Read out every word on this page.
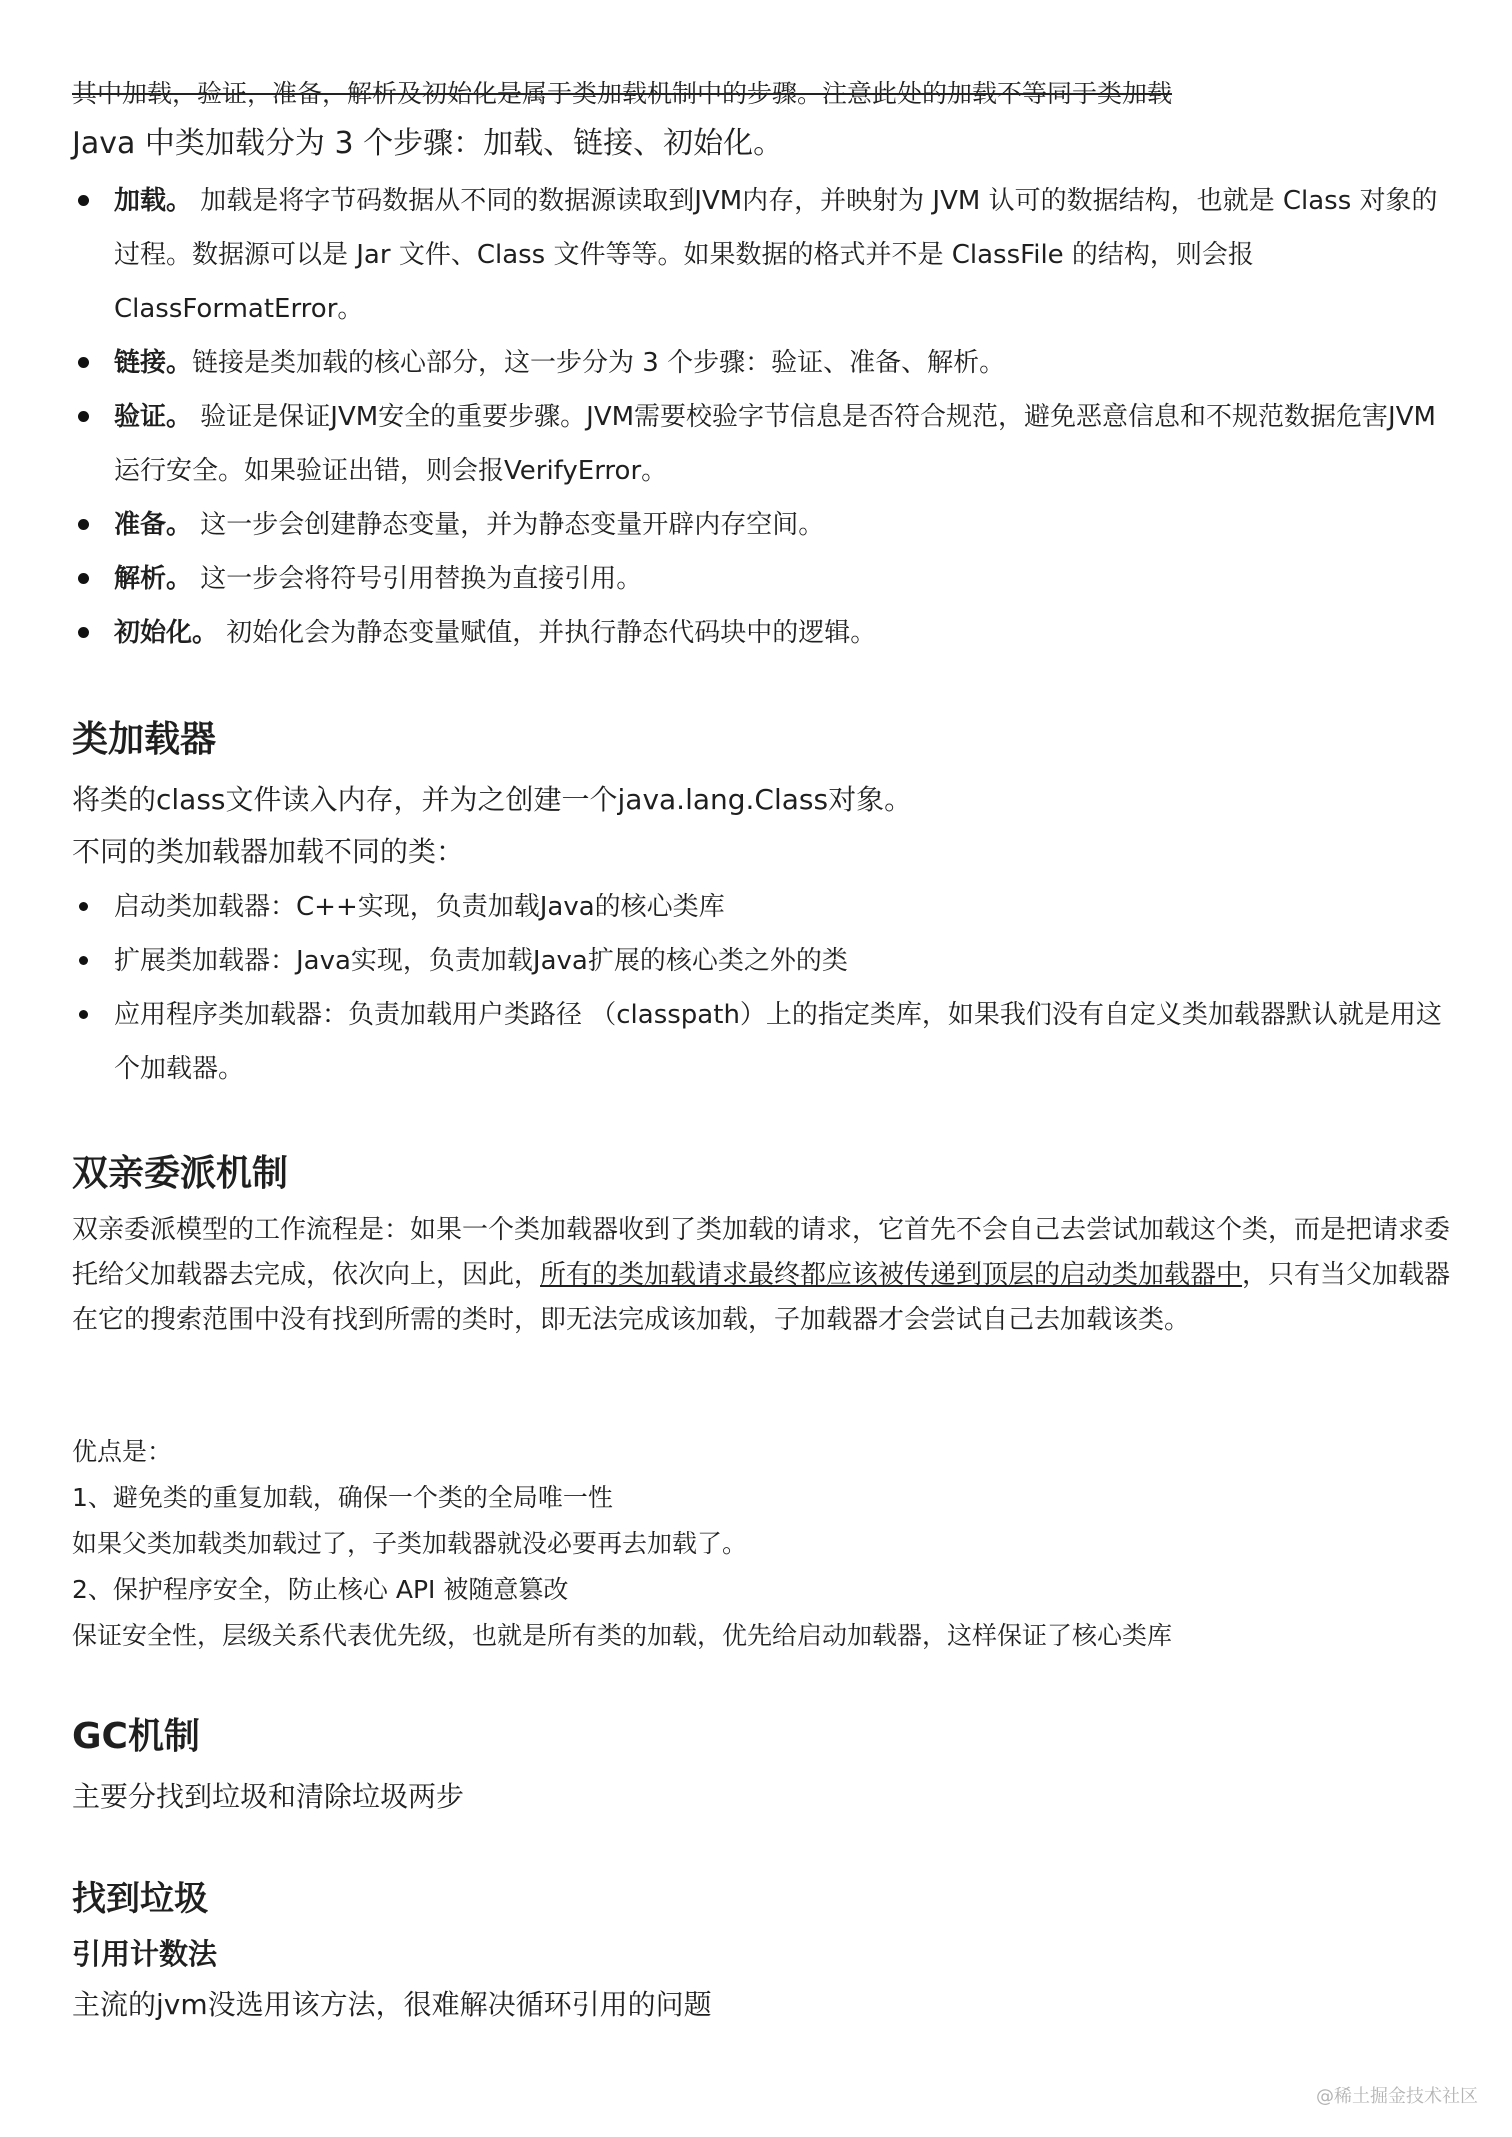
其中加载，验证，准备，解析及初始化是属于类加载机制中的步骤。注意此处的加载不等同于类加载

Java 中类加载分为 3 个步骤：加载、链接、初始化。

加载。 加载是将字节码数据从不同的数据源读取到JVM内存，并映射为 JVM 认可的数据结构，也就是 Class 对象的过程。数据源可以是 Jar 文件、Class 文件等等。如果数据的格式并不是 ClassFile 的结构，则会报 ClassFormatError。
链接。链接是类加载的核心部分，这一步分为 3 个步骤：验证、准备、解析。
验证。 验证是保证JVM安全的重要步骤。JVM需要校验字节信息是否符合规范，避免恶意信息和不规范数据危害JVM运行安全。如果验证出错，则会报VerifyError。
准备。 这一步会创建静态变量，并为静态变量开辟内存空间。
解析。 这一步会将符号引用替换为直接引用。
初始化。 初始化会为静态变量赋值，并执行静态代码块中的逻辑。
类加载器

将类的class文件读入内存，并为之创建一个java.lang.Class对象。

不同的类加载器加载不同的类：

启动类加载器：C++实现，负责加载Java的核心类库
扩展类加载器：Java实现，负责加载Java扩展的核心类之外的类
应用程序类加载器：负责加载用户类路径 （classpath）上的指定类库，如果我们没有自定义类加载器默认就是用这个加载器。
双亲委派机制

双亲委派模型的工作流程是：如果一个类加载器收到了类加载的请求，它首先不会自己去尝试加载这个类，而是把请求委托给父加载器去完成，依次向上，因此，所有的类加载请求最终都应该被传递到顶层的启动类加载器中，只有当父加载器在它的搜索范围中没有找到所需的类时，即无法完成该加载，子加载器才会尝试自己去加载该类。

优点是：

1、避免类的重复加载，确保一个类的全局唯一性

如果父类加载类加载过了，子类加载器就没必要再去加载了。

2、保护程序安全，防止核心 API 被随意篡改

保证安全性，层级关系代表优先级，也就是所有类的加载，优先给启动加载器，这样保证了核心类库

GC机制

主要分找到垃圾和清除垃圾两步

找到垃圾
引用计数法

主流的jvm没选用该方法，很难解决循环引用的问题

@稀土掘金技术社区
